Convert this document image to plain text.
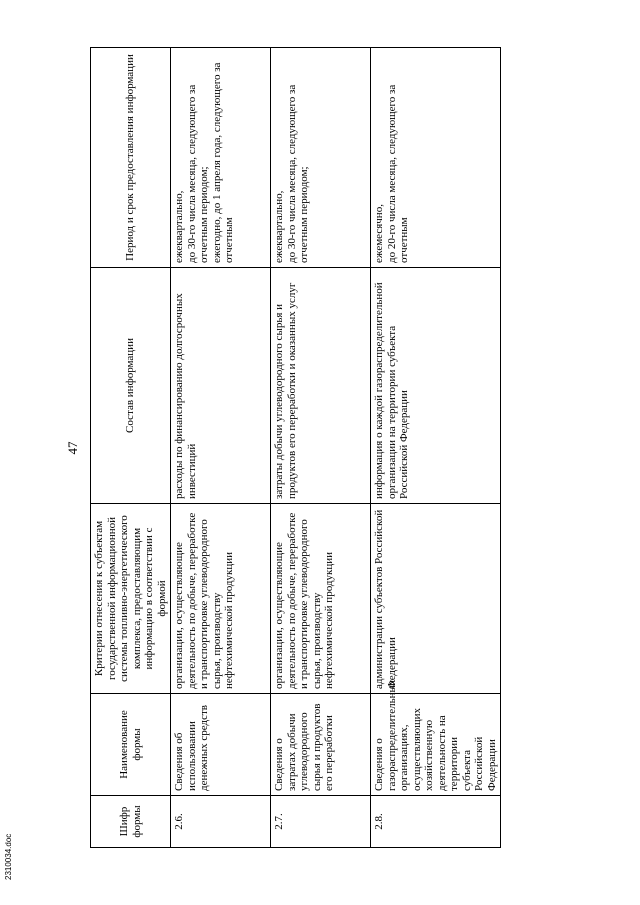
47
Шифр формы	Наименование формы	Критерии отнесения к субъектам государственной информационной системы топливно-энергетического комплекса, предоставляющим информацию в соответствии с формой	Состав информации	Период и срок предоставления информации
2.6.	Сведения об использовании денежных средств	организации, осуществляющие деятельность по добыче, переработке и транспортировке углеводородного сырья, производству нефтехимической продукции	расходы по финансированию долгосрочных инвестиций	ежеквартально,
до 30-го числа месяца, следующего за отчетным периодом;
ежегодно, до 1 апреля года, следующего за отчетным
2.7.	Сведения о затратах добычи углеводородного сырья и продуктов его переработки	организации, осуществляющие деятельность по добыче, переработке и транспортировке углеводородного сырья, производству нефтехимической продукции	затраты добычи углеводородного сырья и продуктов его переработки и оказанных услуг	ежеквартально,
до 30-го числа месяца, следующего за отчетным периодом;
2.8.	Сведения о газораспределительных организациях, осуществляющих хозяйственную деятельность на территории субъекта Российской Федерации	администрации субъектов Российской Федерации	информация о каждой газораспределительной организации на территории субъекта Российской Федерации	ежемесячно,
до 20-го числа месяца, следующего за отчетным
2310034.doc
